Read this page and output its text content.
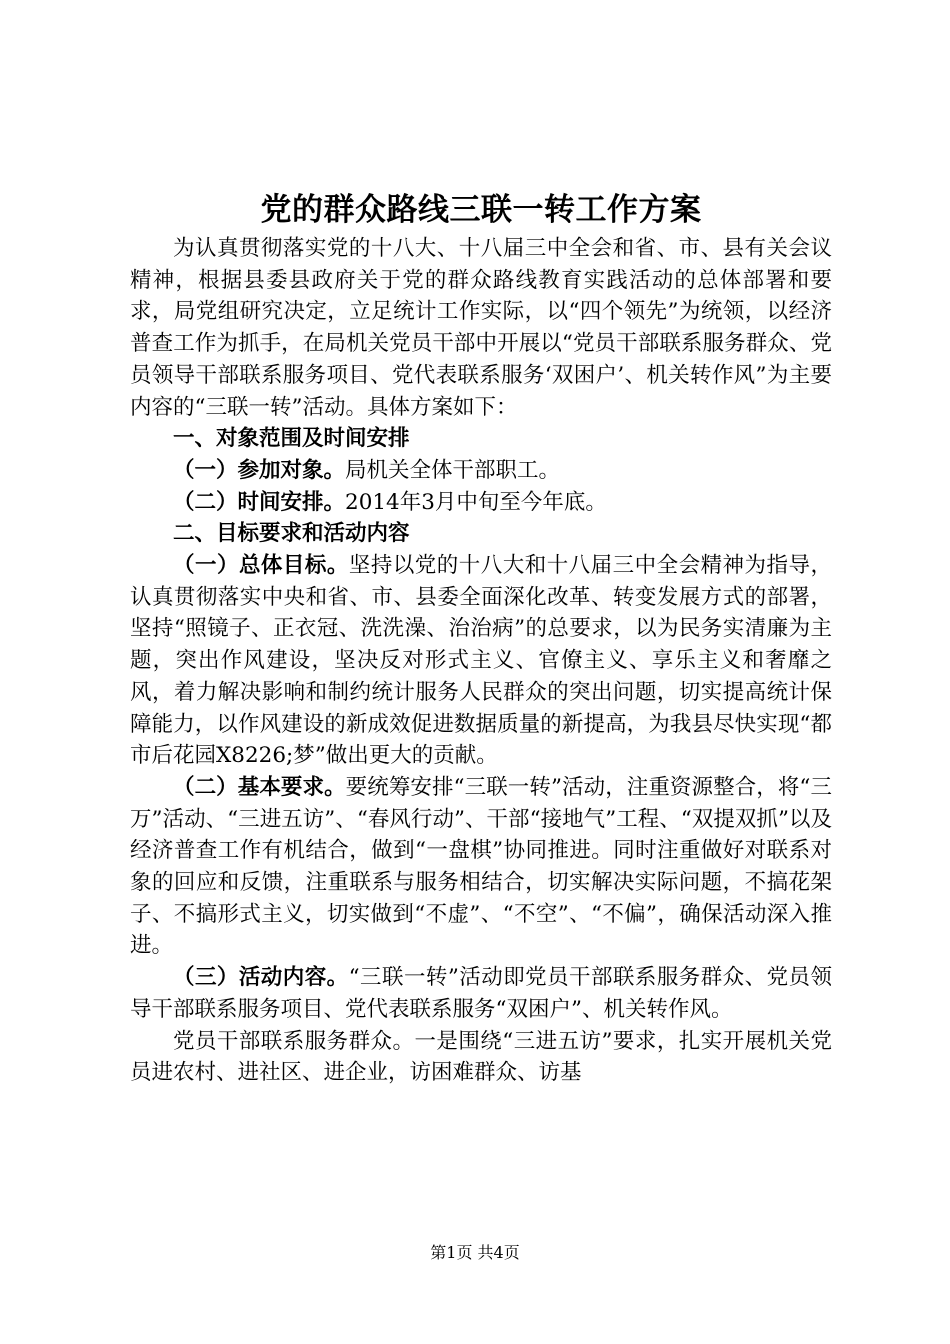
党的群众路线三联一转工作方案

为认真贯彻落实党的十八大、十八届三中全会和省、市、县有关会议精神，根据县委县政府关于党的群众路线教育实践活动的总体部署和要求，局党组研究决定，立足统计工作实际，以“四个领先”为统领，以经济普查工作为抓手，在局机关党员干部中开展以“党员干部联系服务群众、党员领导干部联系服务项目、党代表联系服务‘双困户’、机关转作风”为主要内容的“三联一转”活动。具体方案如下：

一、对象范围及时间安排

（一）参加对象。局机关全体干部职工。

（二）时间安排。2014年3月中旬至今年底。

二、目标要求和活动内容

（一）总体目标。坚持以党的十八大和十八届三中全会精神为指导，认真贯彻落实中央和省、市、县委全面深化改革、转变发展方式的部署，坚持“照镜子、正衣冠、洗洗澡、治治病”的总要求，以为民务实清廉为主题，突出作风建设，坚决反对形式主义、官僚主义、享乐主义和奢靡之风，着力解决影响和制约统计服务人民群众的突出问题，切实提高统计保障能力，以作风建设的新成效促进数据质量的新提高，为我县尽快实现“都市后花园X8226;梦”做出更大的贡献。

（二）基本要求。要统筹安排“三联一转”活动，注重资源整合，将“三万”活动、“三进五访”、“春风行动”、干部“接地气”工程、“双提双抓”以及经济普查工作有机结合，做到“一盘棋”协同推进。同时注重做好对联系对象的回应和反馈，注重联系与服务相结合，切实解决实际问题，不搞花架子、不搞形式主义，切实做到“不虚”、“不空”、“不偏”，确保活动深入推进。

（三）活动内容。“三联一转”活动即党员干部联系服务群众、党员领导干部联系服务项目、党代表联系服务“双困户”、机关转作风。

党员干部联系服务群众。一是围绕“三进五访”要求，扎实开展机关党员进农村、进社区、进企业，访困难群众、访基

第1页 共4页
